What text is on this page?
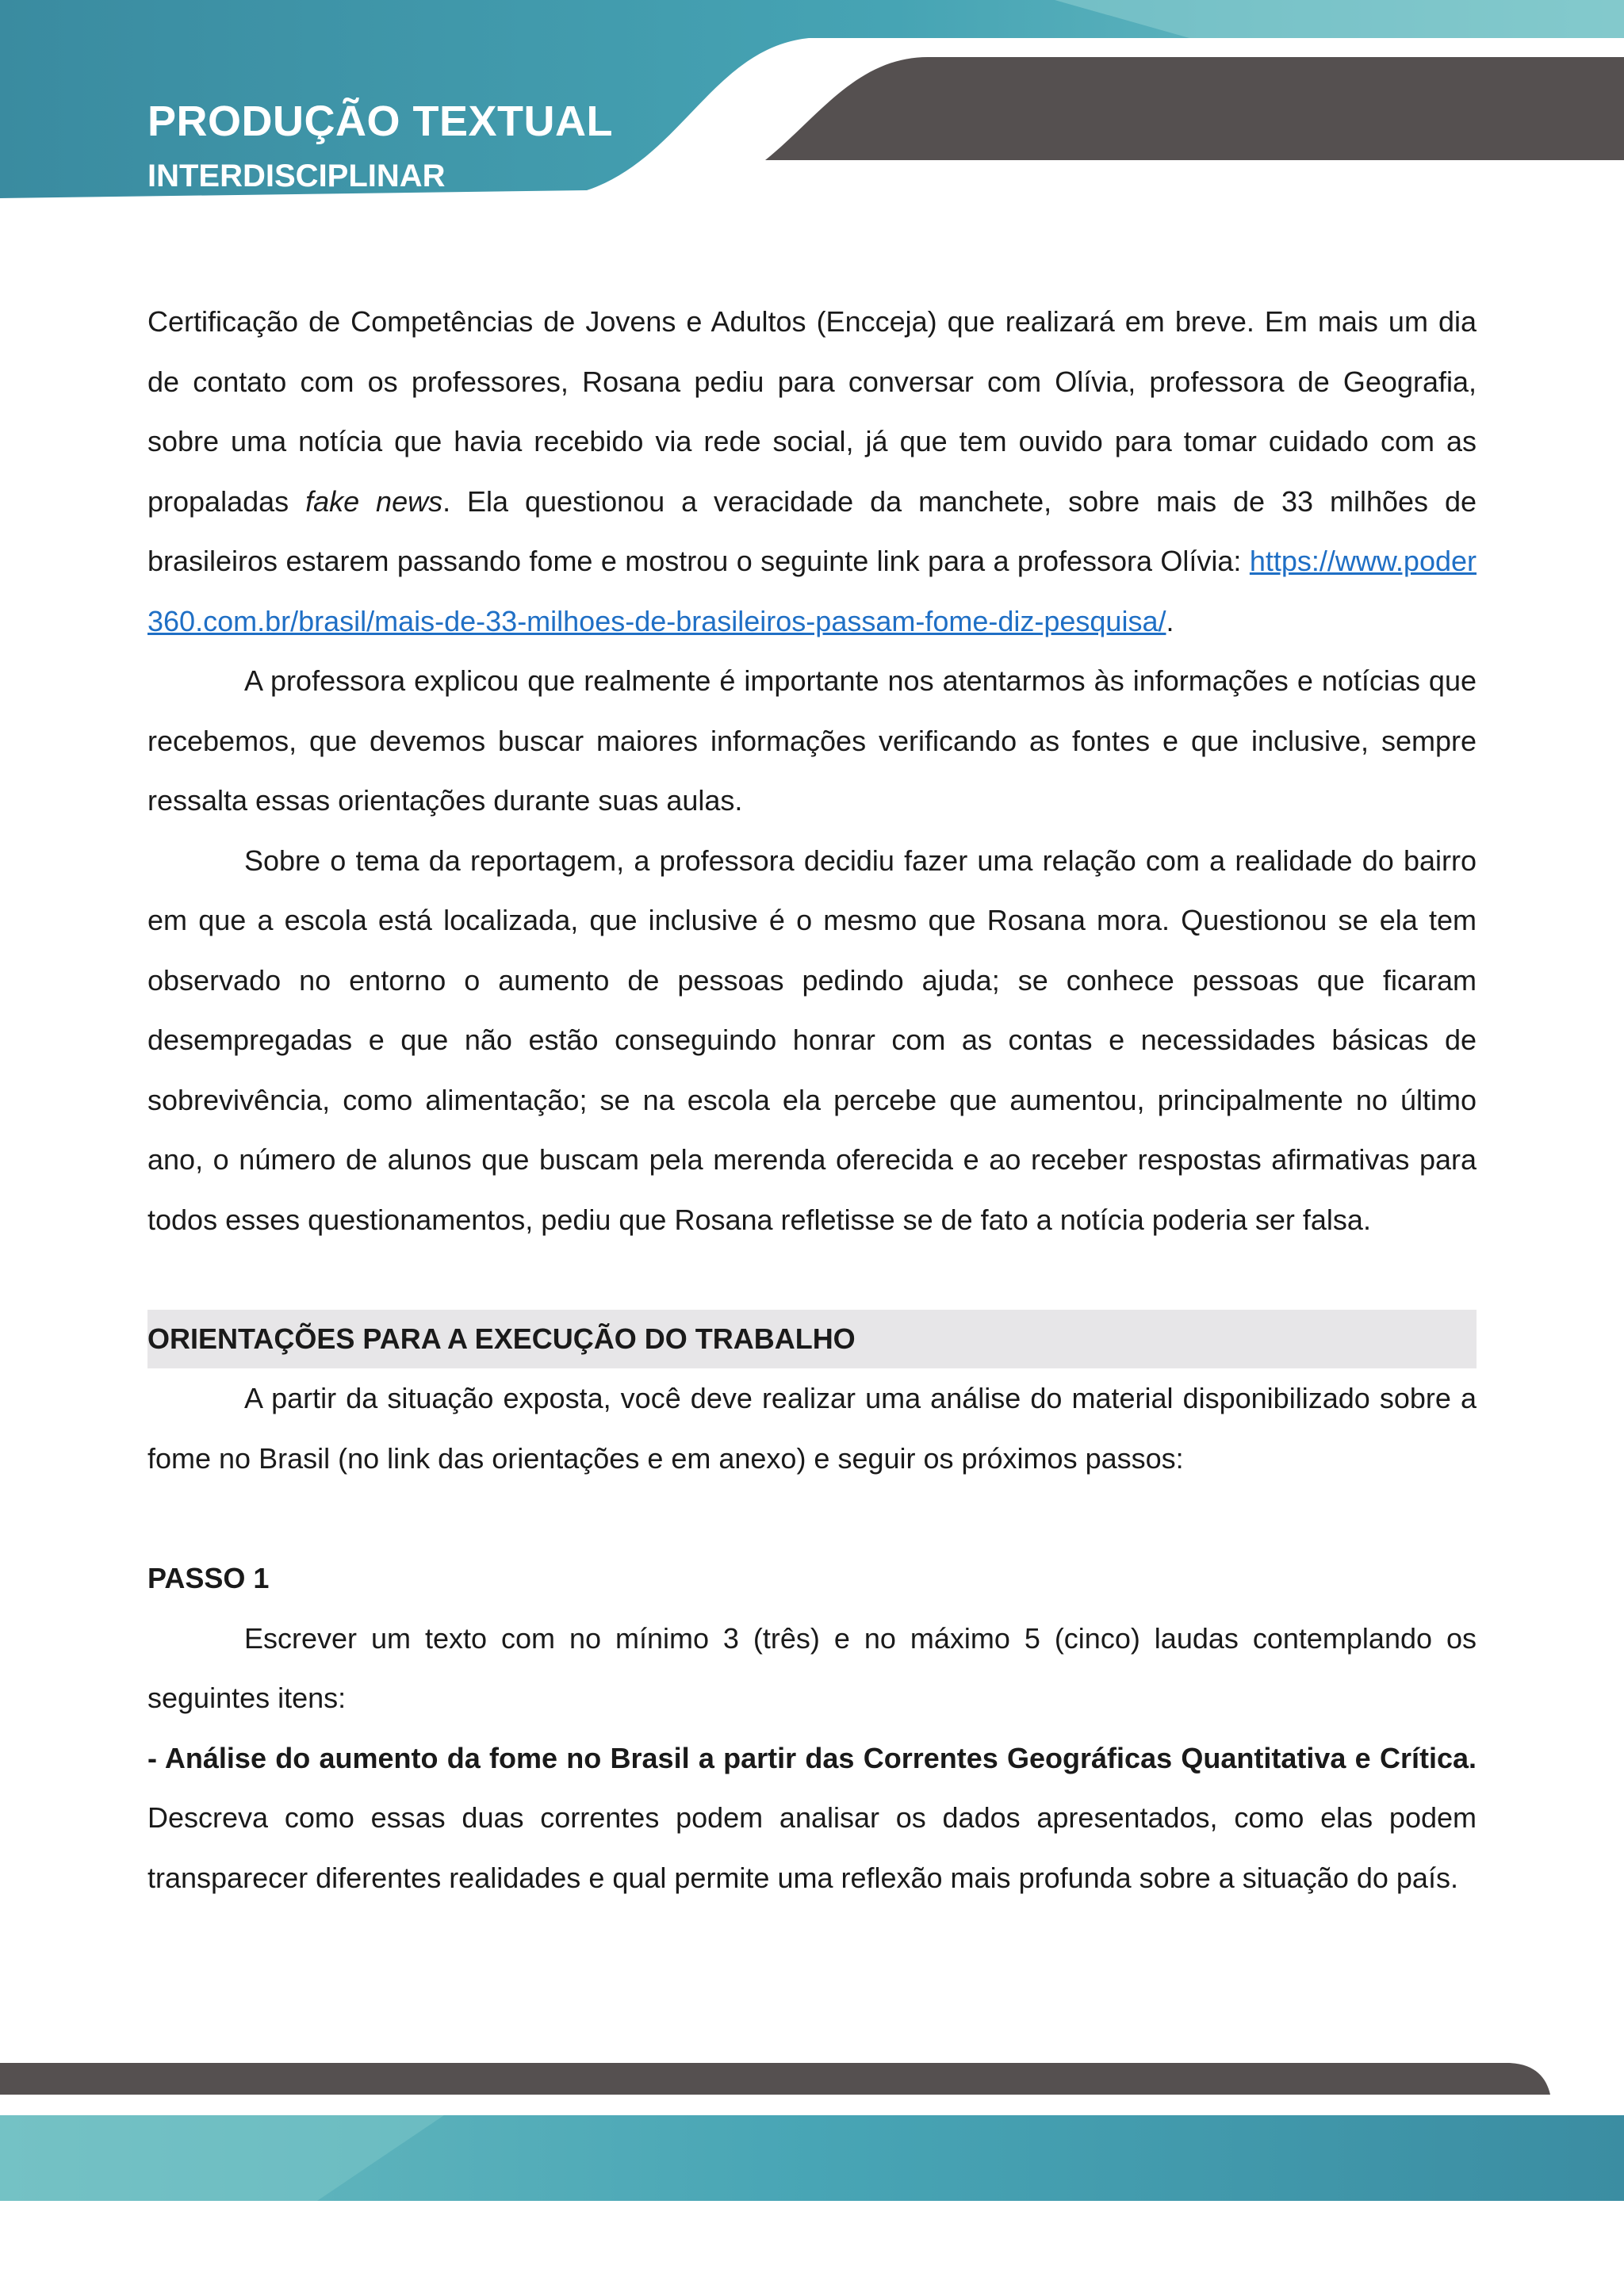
PRODUÇÃO TEXTUAL
INTERDISCIPLINAR

Certificação de Competências de Jovens e Adultos (Encceja) que realizará em breve. Em mais um dia de contato com os professores, Rosana pediu para conversar com Olívia, professora de Geografia, sobre uma notícia que havia recebido via rede social, já que tem ouvido para tomar cuidado com as propaladas fake news. Ela questionou a veracidade da manchete, sobre mais de 33 milhões de brasileiros estarem passando fome e mostrou o seguinte link para a professora Olívia: https://www.poder360.com.br/brasil/mais-de-33-milhoes-de-brasileiros-passam-fome-diz-pesquisa/.

A professora explicou que realmente é importante nos atentarmos às informações e notícias que recebemos, que devemos buscar maiores informações verificando as fontes e que inclusive, sempre ressalta essas orientações durante suas aulas.

Sobre o tema da reportagem, a professora decidiu fazer uma relação com a realidade do bairro em que a escola está localizada, que inclusive é o mesmo que Rosana mora. Questionou se ela tem observado no entorno o aumento de pessoas pedindo ajuda; se conhece pessoas que ficaram desempregadas e que não estão conseguindo honrar com as contas e necessidades básicas de sobrevivência, como alimentação; se na escola ela percebe que aumentou, principalmente no último ano, o número de alunos que buscam pela merenda oferecida e ao receber respostas afirmativas para todos esses questionamentos, pediu que Rosana refletisse se de fato a notícia poderia ser falsa.

ORIENTAÇÕES PARA A EXECUÇÃO DO TRABALHO

A partir da situação exposta, você deve realizar uma análise do material disponibilizado sobre a fome no Brasil (no link das orientações e em anexo) e seguir os próximos passos:

PASSO 1

Escrever um texto com no mínimo 3 (três) e no máximo 5 (cinco) laudas contemplando os seguintes itens:

- Análise do aumento da fome no Brasil a partir das Correntes Geográficas Quantitativa e Crítica. Descreva como essas duas correntes podem analisar os dados apresentados, como elas podem transparecer diferentes realidades e qual permite uma reflexão mais profunda sobre a situação do país.
